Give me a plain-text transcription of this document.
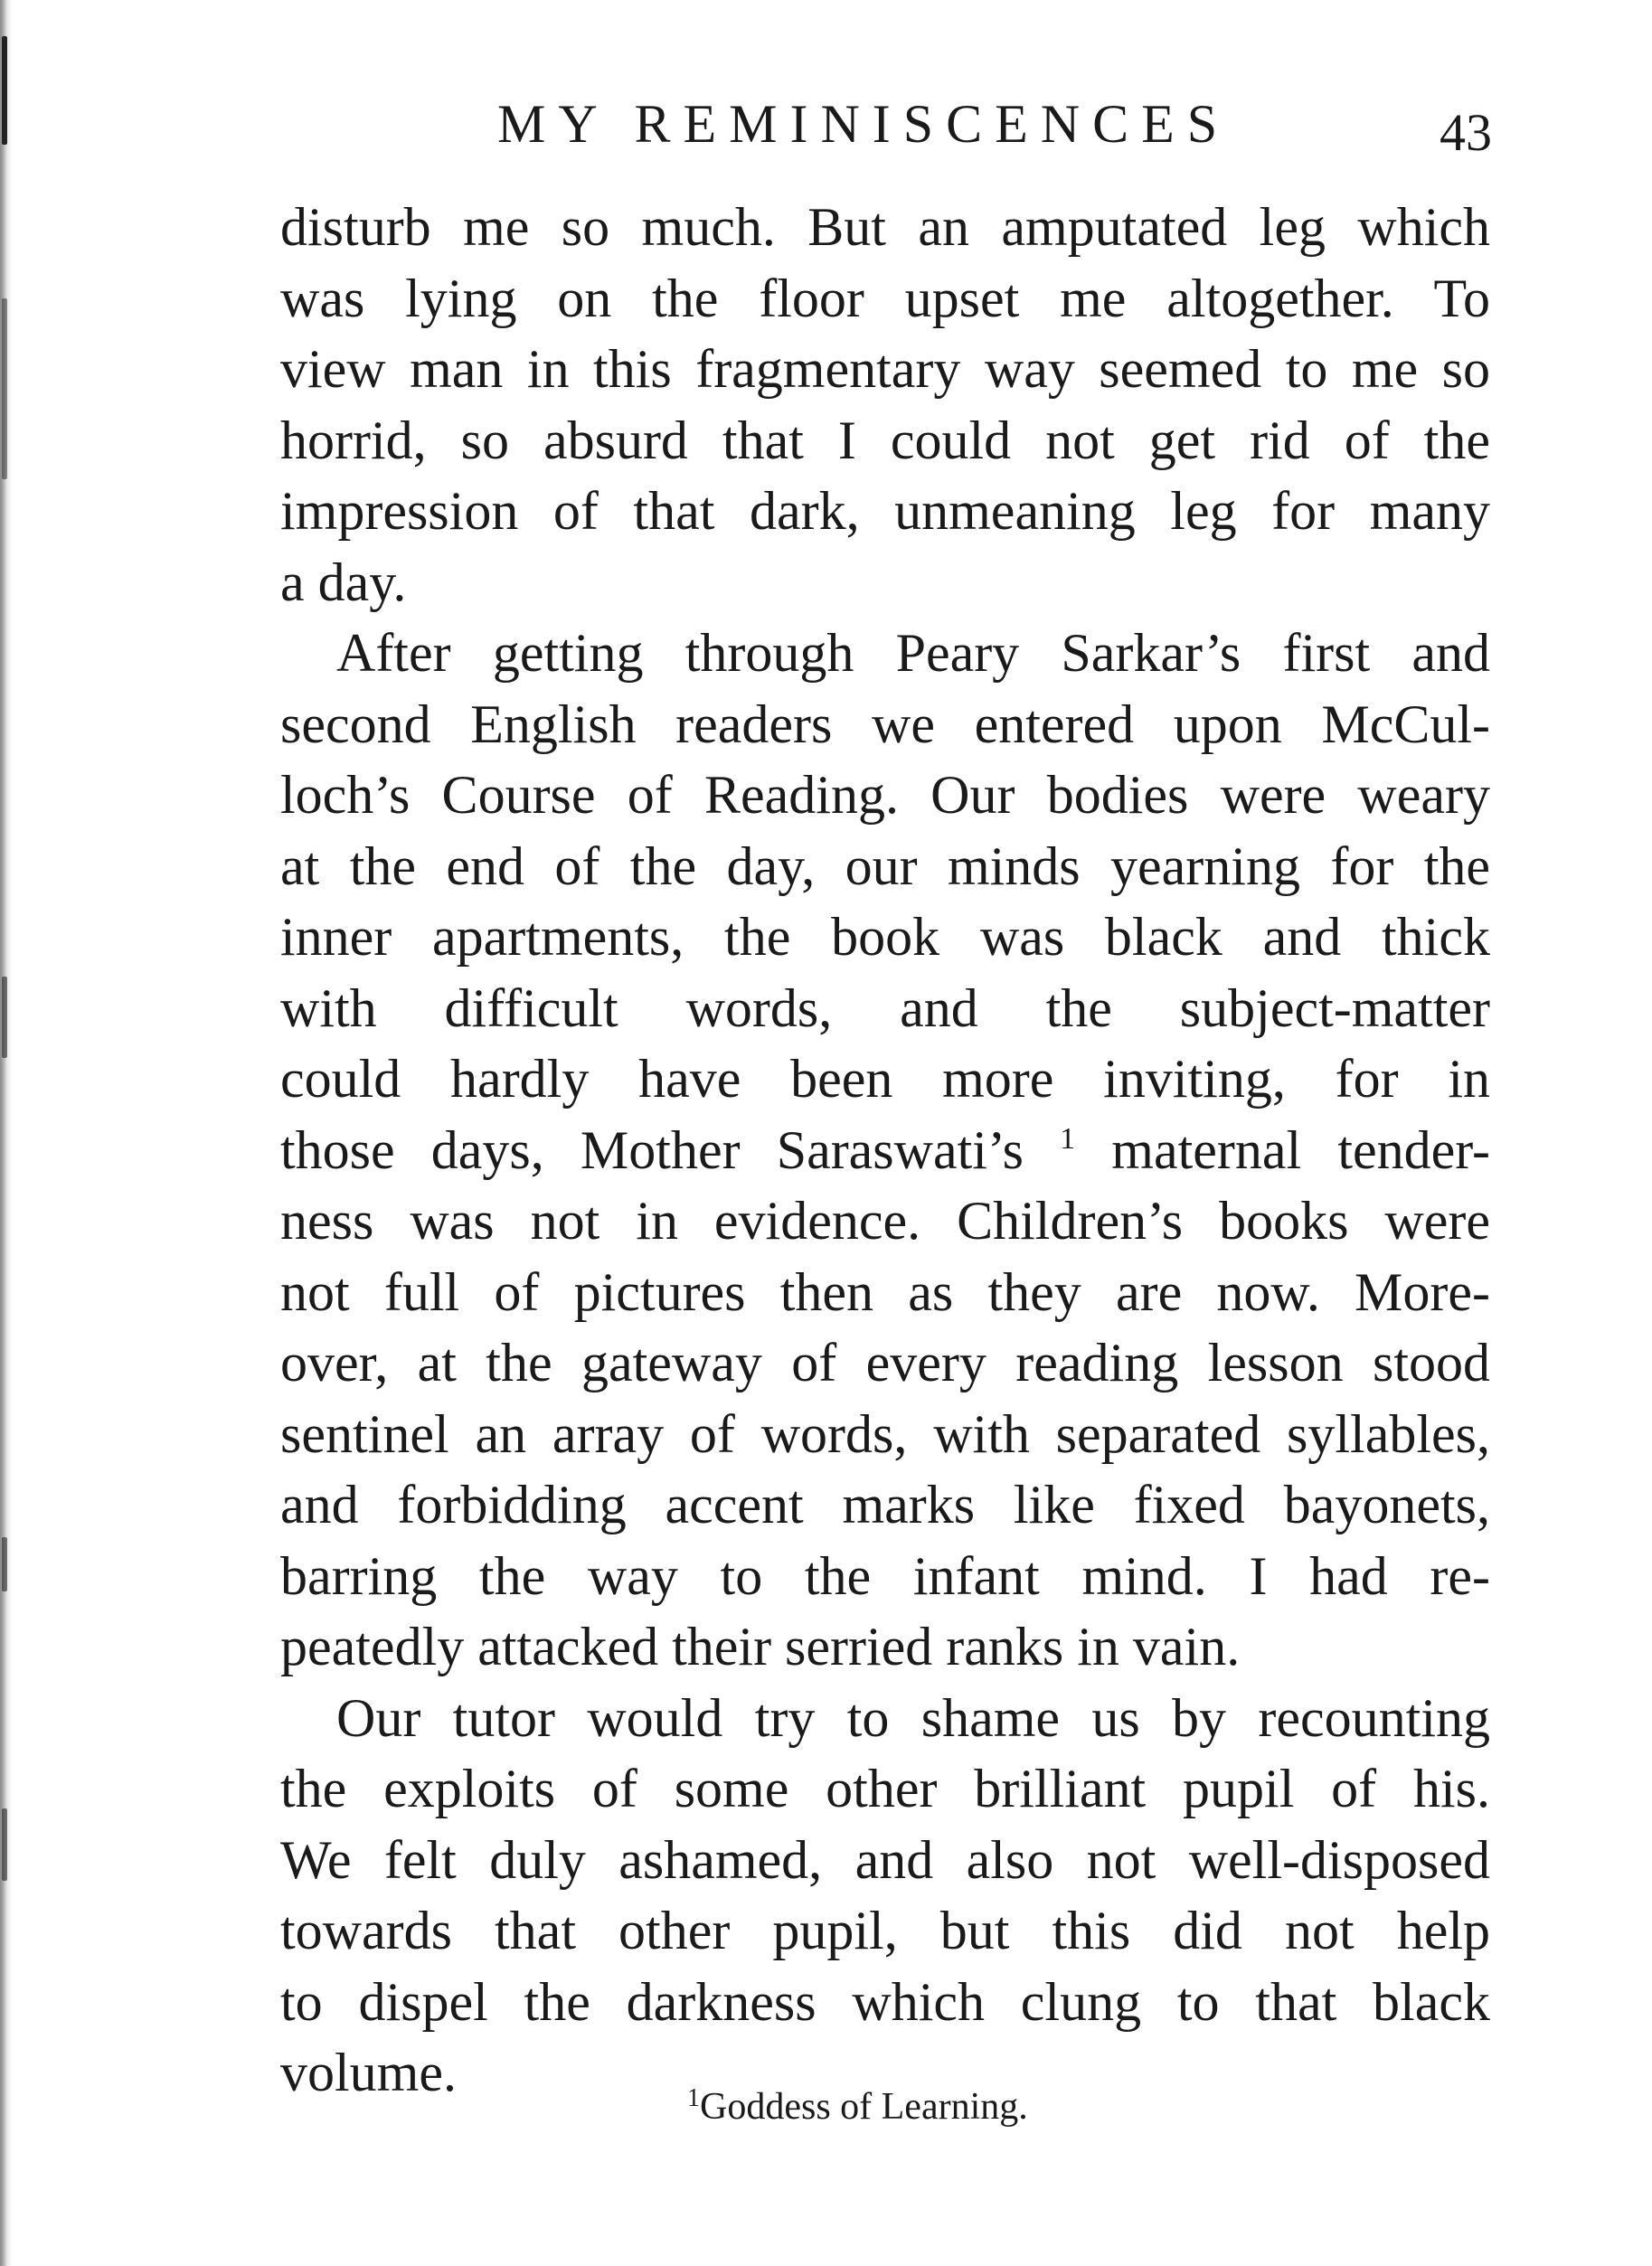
MY REMINISCENCES	43
disturb me so much. But an amputated leg which
was lying on the floor upset me altogether. To
view man in this fragmentary way seemed to me so
horrid, so absurd that I could not get rid of the
impression of that dark, unmeaning leg for many
a day.
After getting through Peary Sarkar’s first and
second English readers we entered upon McCul-
loch’s Course of Reading. Our bodies were weary
at the end of the day, our minds yearning for the
inner apartments, the book was black and thick
with difficult words, and the subject-matter
could hardly have been more inviting, for in
those days, Mother Saraswati’s $^1$ maternal tender-
ness was not in evidence. Children’s books were
not full of pictures then as they are now. More-
over, at the gateway of every reading lesson stood
sentinel an array of words, with separated syllables,
and forbidding accent marks like fixed bayonets,
barring the way to the infant mind. I had re-
peatedly attacked their serried ranks in vain.
Our tutor would try to shame us by recounting
the exploits of some other brilliant pupil of his.
We felt duly ashamed, and also not well-disposed
towards that other pupil, but this did not help
to dispel the darkness which clung to that black
volume.	$^1$Goddess of Learning.
